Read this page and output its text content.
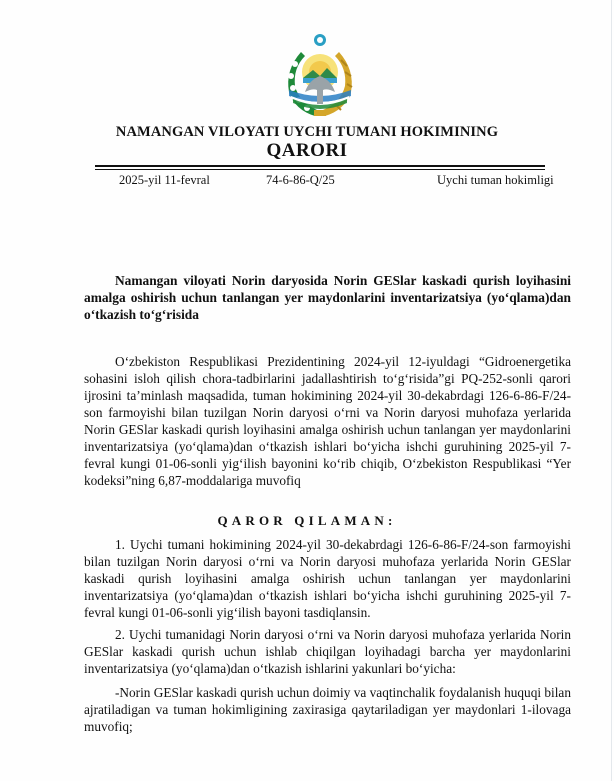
NAMANGAN VILOYATI UYCHI TUMANI HOKIMINING
QARORI
2025-yil 11-fevral	74-6-86-Q/25	Uychi tuman hokimligi

Namangan viloyati Norin daryosida Norin GESlar kaskadi qurish loyihasini amalga oshirish uchun tanlangan yer maydonlarini inventarizatsiya (yo‘qlama)dan o‘tkazish to‘g‘risida

O‘zbekiston Respublikasi Prezidentining 2024-yil 12-iyuldagi “Gidroenergetika sohasini isloh qilish chora-tadbirlarini jadallashtirish to‘g‘risida”gi PQ-252-sonli qarori ijrosini ta’minlash maqsadida, tuman hokimining 2024-yil 30-dekabrdagi 126-6-86-F/24-son farmoyishi bilan tuzilgan Norin daryosi o‘rni va Norin daryosi muhofaza yerlarida Norin GESlar kaskadi qurish loyihasini amalga oshirish uchun tanlangan yer maydonlarini inventarizatsiya (yo‘qlama)dan o‘tkazish ishlari bo‘yicha ishchi guruhining 2025-yil 7-fevral kungi 01-06-sonli yig‘ilish bayonini ko‘rib chiqib, O‘zbekiston Respublikasi “Yer kodeksi”ning 6,87-moddalariga muvofiq

QAROR QILAMAN:

1. Uychi tumani hokimining 2024-yil 30-dekabrdagi 126-6-86-F/24-son farmoyishi bilan tuzilgan Norin daryosi o‘rni va Norin daryosi muhofaza yerlarida Norin GESlar kaskadi qurish loyihasini amalga oshirish uchun tanlangan yer maydonlarini inventarizatsiya (yo‘qlama)dan o‘tkazish ishlari bo‘yicha ishchi guruhining 2025-yil 7-fevral kungi 01-06-sonli yig‘ilish bayoni tasdiqlansin.

2. Uychi tumanidagi Norin daryosi o‘rni va Norin daryosi muhofaza yerlarida Norin GESlar kaskadi qurish uchun ishlab chiqilgan loyihadagi barcha yer maydonlarini inventarizatsiya (yo‘qlama)dan o‘tkazish ishlarini yakunlari bo‘yicha:

-Norin GESlar kaskadi qurish uchun doimiy va vaqtinchalik foydalanish huquqi bilan ajratiladigan va tuman hokimligining zaxirasiga qaytariladigan yer maydonlari 1-ilovaga muvofiq;
